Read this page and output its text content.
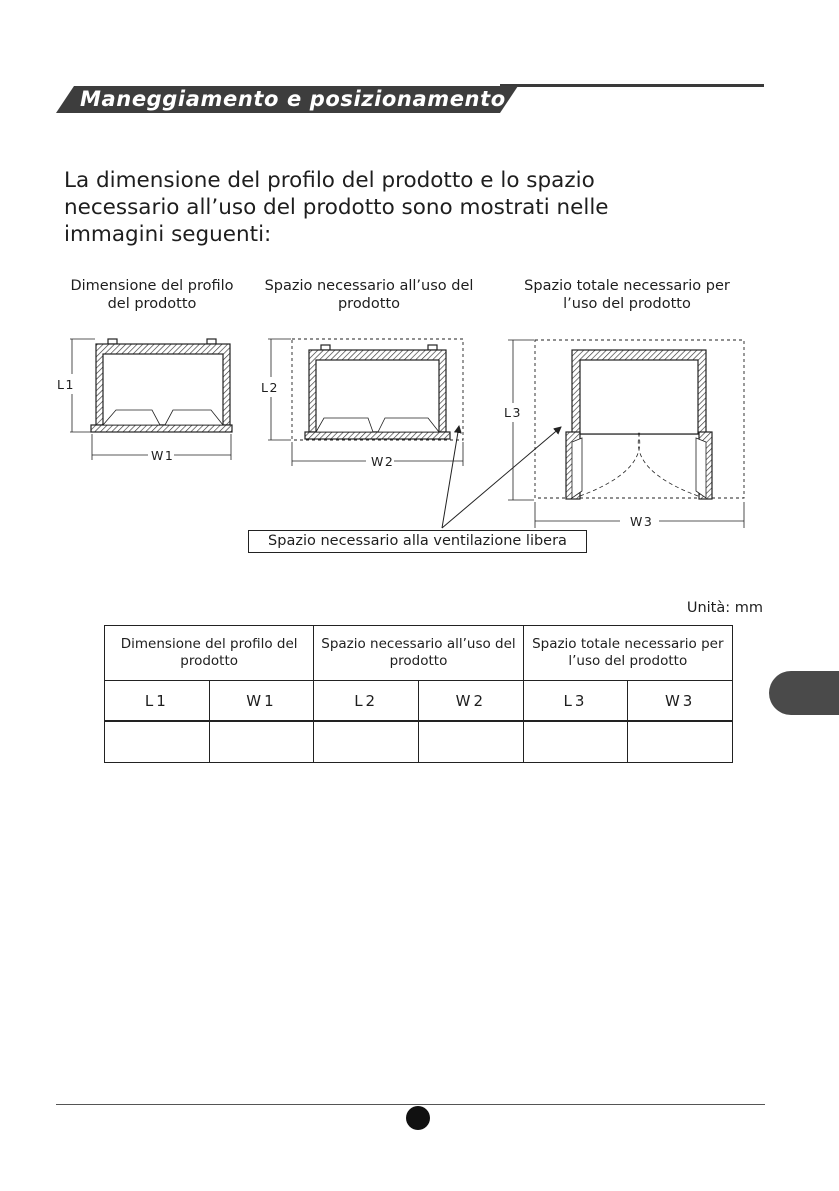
Maneggiamento e posizionamento
La dimensione del profilo del prodotto e lo spazio necessario all’uso del prodotto sono mostrati nelle immagini seguenti:
Dimensione del profilo del prodotto
Spazio necessario all’uso del prodotto
Spazio totale necessario per l’uso del prodotto
L1
W1
L2
W2
L3
W3
Spazio necessario alla ventilazione libera
Unità: mm
Dimensione del profilo del prodotto		Spazio necessario all’uso del prodotto		Spazio totale necessario per l’uso del prodotto	
L1	W1	L2	W2	L3	W3
